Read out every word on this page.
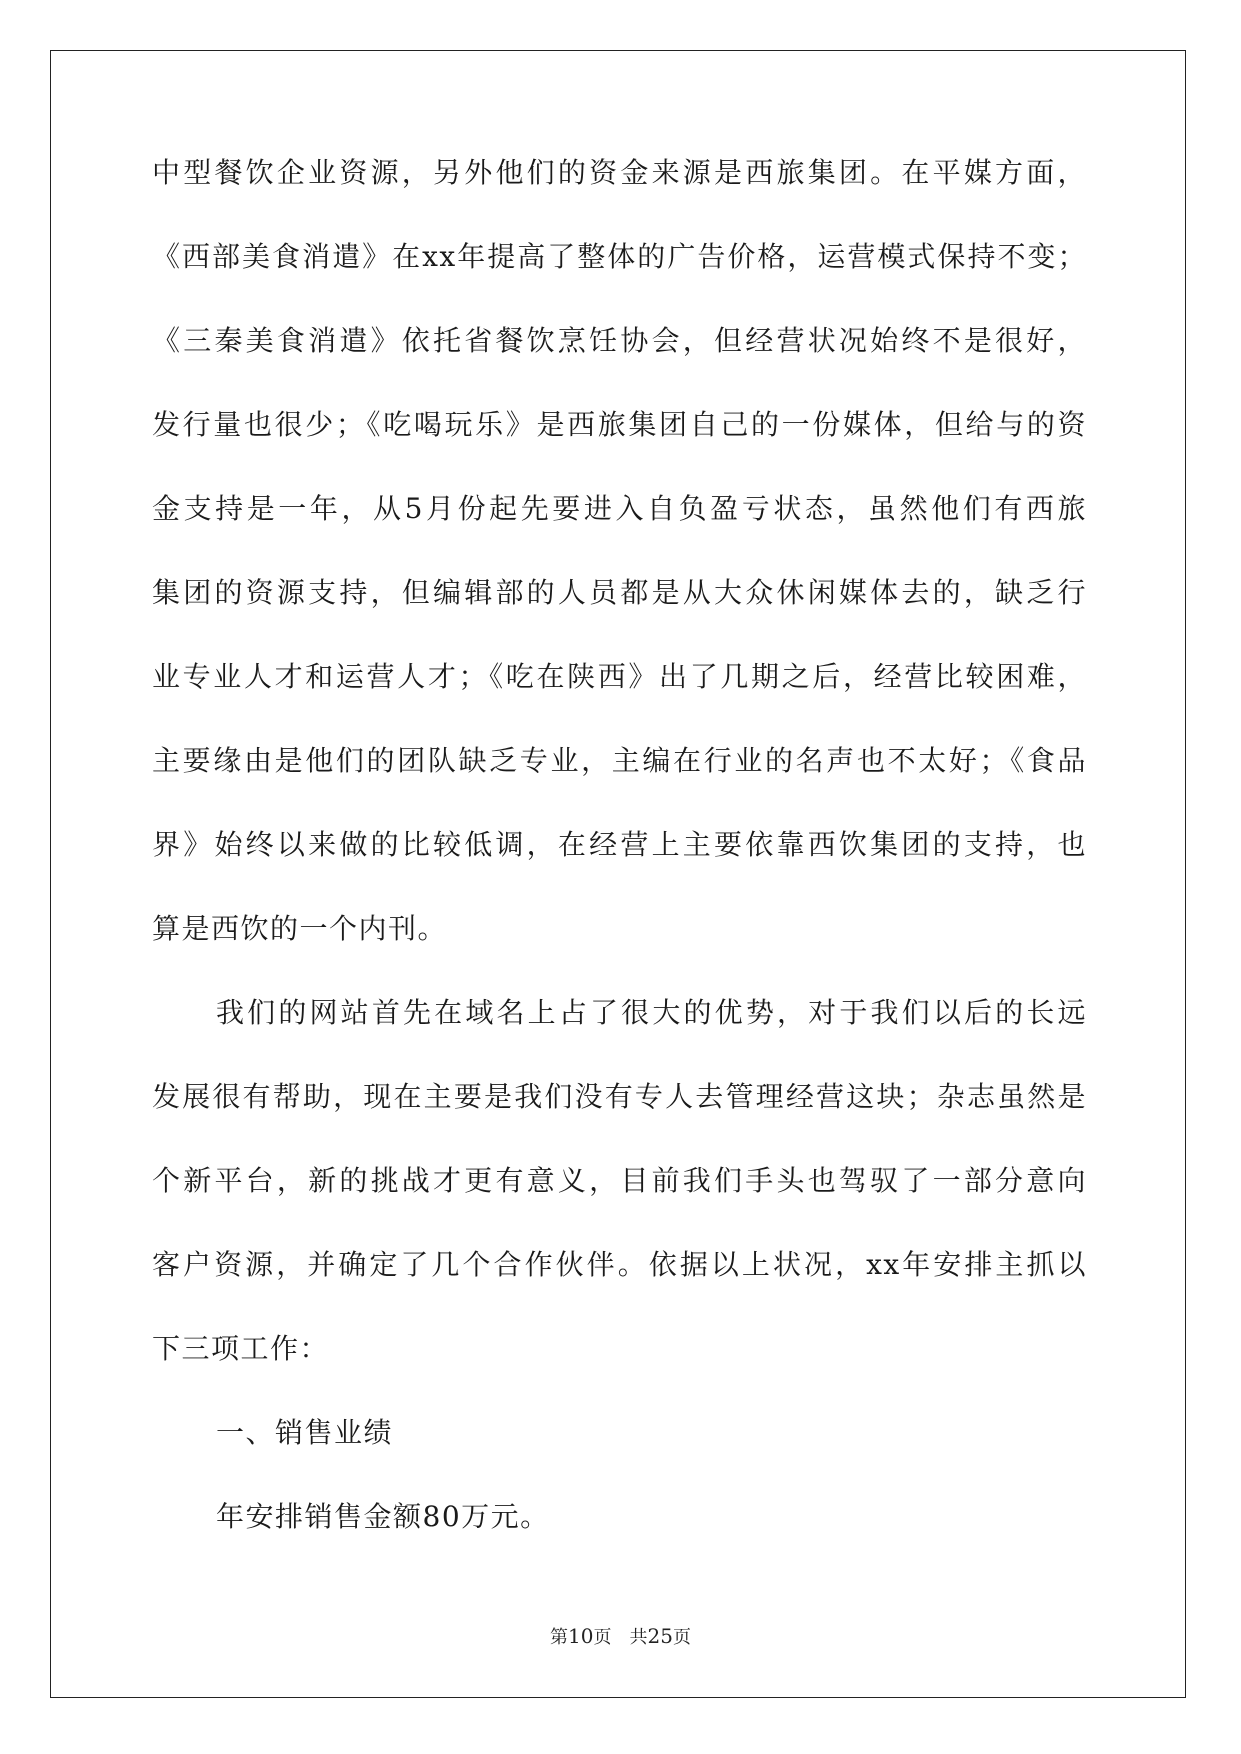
中型餐饮企业资源，另外他们的资金来源是西旅集团。在平媒方面，
《西部美食消遣》在xx年提高了整体的广告价格，运营模式保持不变；
《三秦美食消遣》依托省餐饮烹饪协会，但经营状况始终不是很好，
发行量也很少；《吃喝玩乐》是西旅集团自己的一份媒体，但给与的资
金支持是一年，从5月份起先要进入自负盈亏状态，虽然他们有西旅
集团的资源支持，但编辑部的人员都是从大众休闲媒体去的，缺乏行
业专业人才和运营人才；《吃在陕西》出了几期之后，经营比较困难，
主要缘由是他们的团队缺乏专业，主编在行业的名声也不太好；《食品
界》始终以来做的比较低调，在经营上主要依靠西饮集团的支持，也
算是西饮的一个内刊。
我们的网站首先在域名上占了很大的优势，对于我们以后的长远
发展很有帮助，现在主要是我们没有专人去管理经营这块；杂志虽然是
个新平台，新的挑战才更有意义，目前我们手头也驾驭了一部分意向
客户资源，并确定了几个合作伙伴。依据以上状况，xx年安排主抓以
下三项工作：
一、销售业绩
年安排销售金额80万元。
第10页 共25页
